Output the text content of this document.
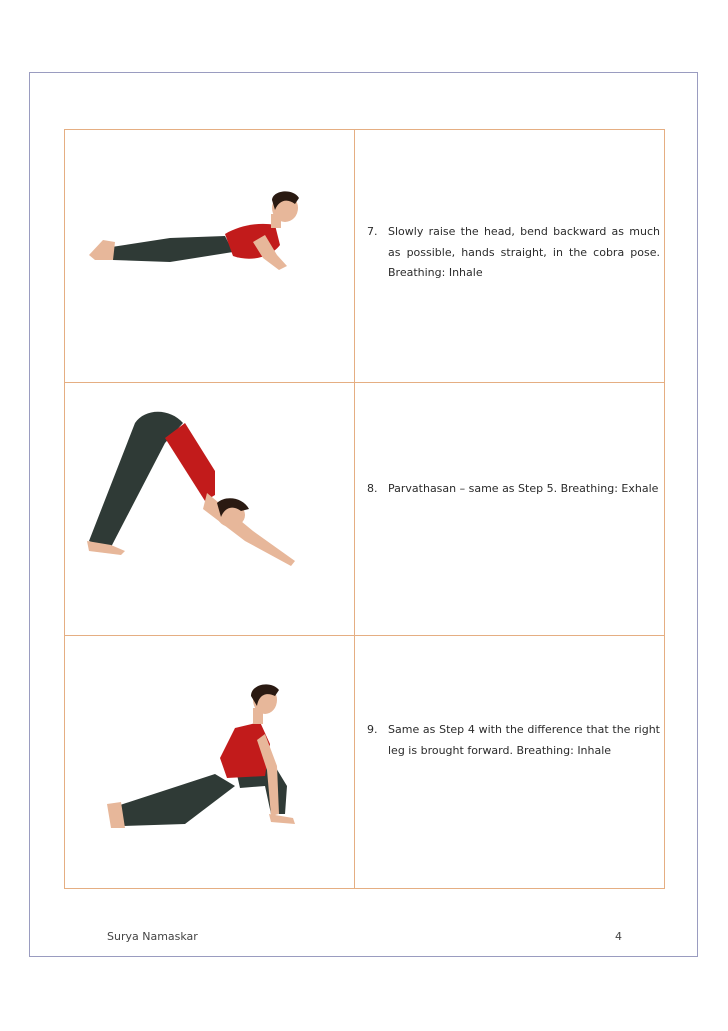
7. Slowly raise the head, bend backward as much as possible, hands straight, in the cobra pose. Breathing: Inhale
8. Parvathasan – same as Step 5. Breathing: Exhale
9. Same as Step 4 with the difference that the right leg is brought forward. Breathing: Inhale
Surya Namaskar	4
